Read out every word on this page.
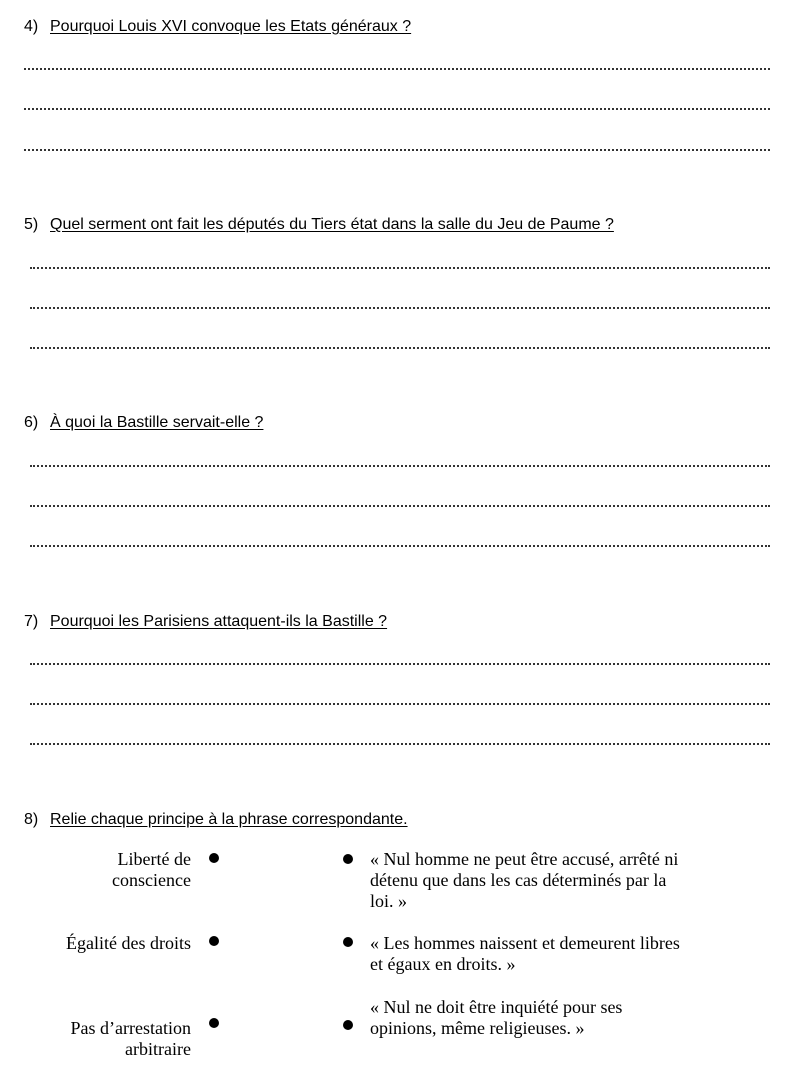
4) Pourquoi Louis XVI convoque les Etats généraux ?
5) Quel serment ont fait les députés du Tiers état dans la salle du Jeu de Paume ?
6) À quoi la Bastille servait-elle ?
7) Pourquoi les Parisiens attaquent-ils la Bastille ?
8) Relie chaque principe à la phrase correspondante.
Liberté de
conscience
Égalité des droits
Pas d’arrestation
arbitraire
« Nul homme ne peut être accusé, arrêté ni
détenu que dans les cas déterminés par la
loi. »
« Les hommes naissent et demeurent libres
et égaux en droits. »
« Nul ne doit être inquiété pour ses
opinions, même religieuses. »
